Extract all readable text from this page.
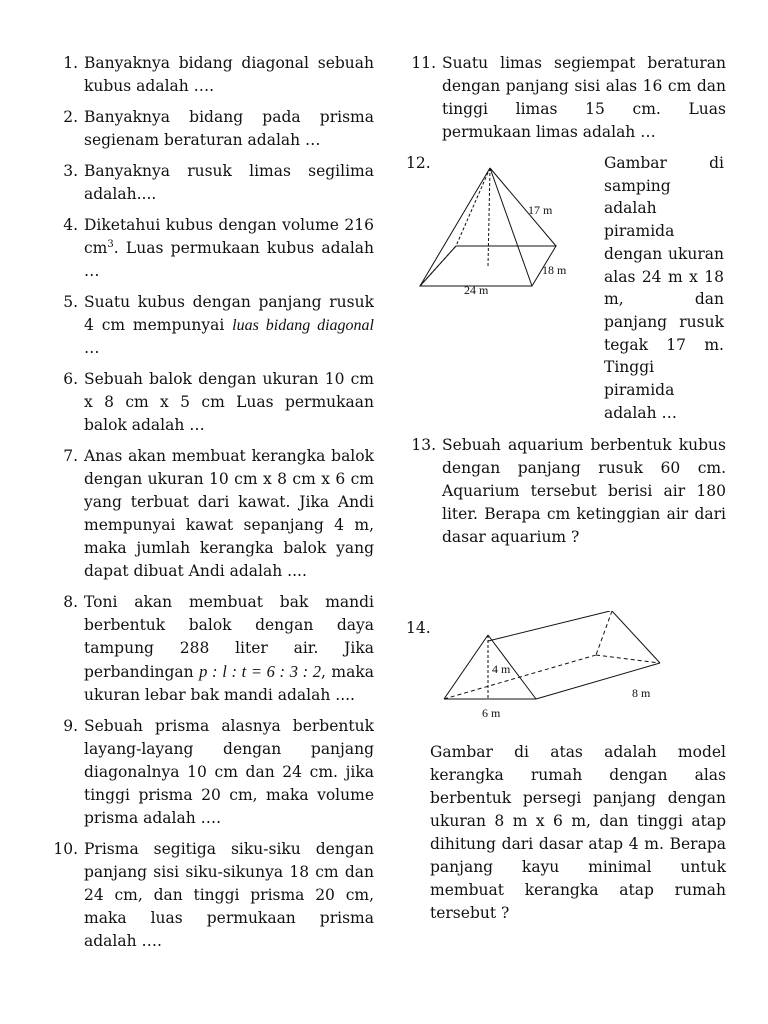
1. Banyaknya bidang diagonal sebuah kubus adalah ….
2. Banyaknya bidang pada prisma segienam beraturan adalah …
3. Banyaknya rusuk limas segilima adalah....
4. Diketahui kubus dengan volume 216 $cm^3$. Luas permukaan kubus adalah …
5. Suatu kubus dengan panjang rusuk 4 cm mempunyai luas bidang diagonal …
6. Sebuah balok dengan ukuran 10 cm x 8 cm x 5 cm Luas permukaan balok adalah …
7. Anas akan membuat kerangka balok dengan ukuran 10 cm x 8 cm x 6 cm yang terbuat dari kawat. Jika Andi mempunyai kawat sepanjang 4 m, maka jumlah kerangka balok yang dapat dibuat Andi adalah ....
8. Toni akan membuat bak mandi berbentuk balok dengan daya tampung 288 liter air. Jika perbandingan p : l : t = 6 : 3 : 2, maka ukuran lebar bak mandi adalah ....
9. Sebuah prisma alasnya berbentuk layang-layang dengan panjang diagonalnya 10 cm dan 24 cm. jika tinggi prisma 20 cm, maka volume prisma adalah ….
10. Prisma segitiga siku-siku dengan panjang sisi siku-sikunya 18 cm dan 24 cm, dan tinggi prisma 20 cm, maka luas permukaan prisma adalah ….
11. Suatu limas segiempat beraturan dengan panjang sisi alas 16 cm dan tinggi limas 15 cm. Luas permukaan limas adalah …
12.
17 m
18 m
24 m
Gambar di samping adalah piramida dengan ukuran alas 24 m x 18 m, dan panjang rusuk tegak 17 m. Tinggi piramida adalah …
13. Sebuah aquarium berbentuk kubus dengan panjang rusuk 60 cm. Aquarium tersebut berisi air 180 liter. Berapa cm ketinggian air dari dasar aquarium ?
14.
4 m
8 m
6 m
Gambar di atas adalah model kerangka rumah dengan alas berbentuk persegi panjang dengan ukuran 8 m x 6 m, dan tinggi atap dihitung dari dasar atap 4 m. Berapa panjang kayu minimal untuk membuat kerangka atap rumah tersebut ?
